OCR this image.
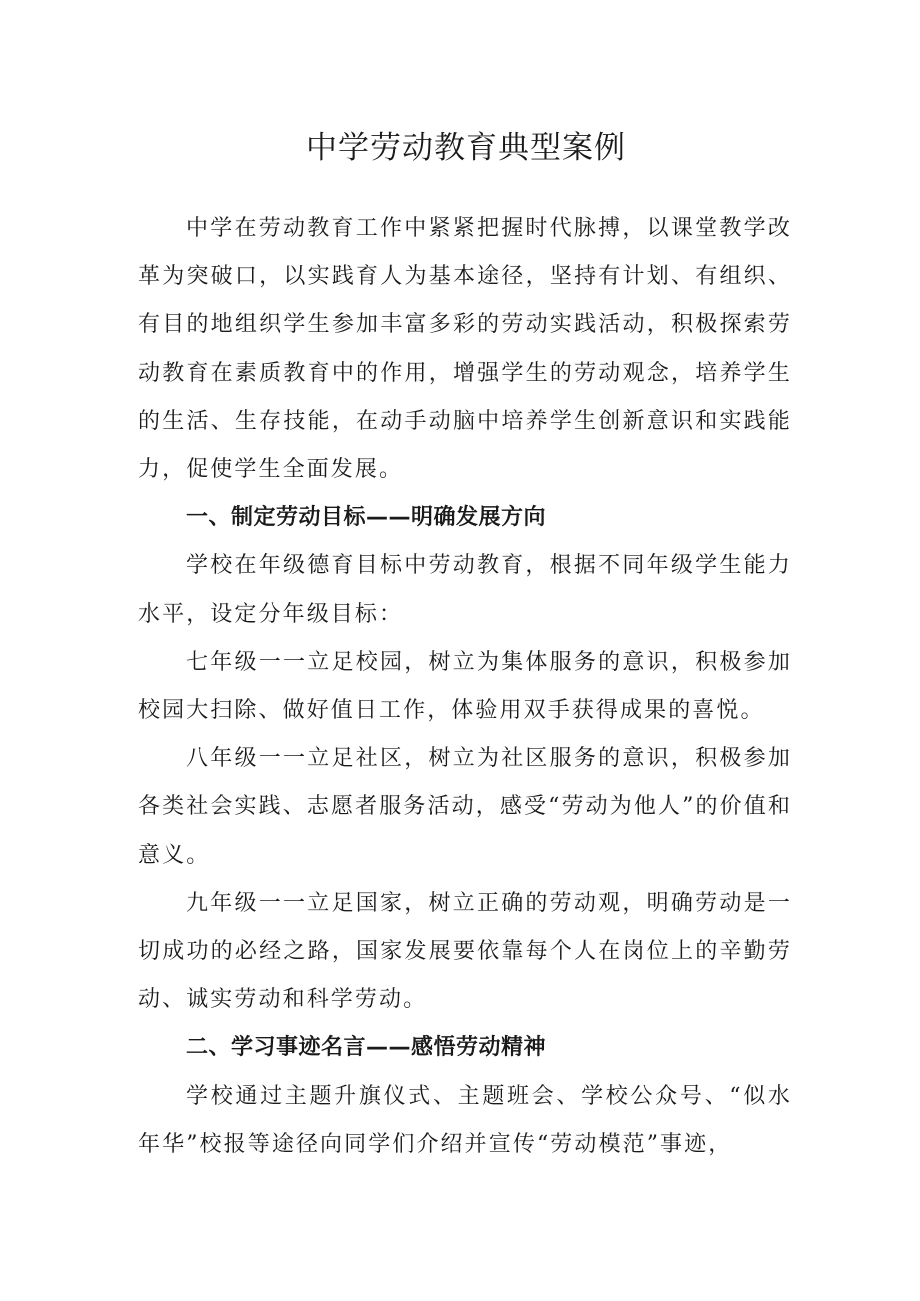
中学劳动教育典型案例

中学在劳动教育工作中紧紧把握时代脉搏，以课堂教学改革为突破口，以实践育人为基本途径，坚持有计划、有组织、有目的地组织学生参加丰富多彩的劳动实践活动，积极探索劳动教育在素质教育中的作用，增强学生的劳动观念，培养学生的生活、生存技能，在动手动脑中培养学生创新意识和实践能力，促使学生全面发展。

一、制定劳动目标——明确发展方向

学校在年级德育目标中劳动教育，根据不同年级学生能力水平，设定分年级目标：

七年级一一立足校园，树立为集体服务的意识，积极参加校园大扫除、做好值日工作，体验用双手获得成果的喜悦。

八年级一一立足社区，树立为社区服务的意识，积极参加各类社会实践、志愿者服务活动，感受“劳动为他人”的价值和意义。

九年级一一立足国家，树立正确的劳动观，明确劳动是一切成功的必经之路，国家发展要依靠每个人在岗位上的辛勤劳动、诚实劳动和科学劳动。

二、学习事迹名言——感悟劳动精神

学校通过主题升旗仪式、主题班会、学校公众号、“似水年华”校报等途径向同学们介绍并宣传“劳动模范”事迹，
